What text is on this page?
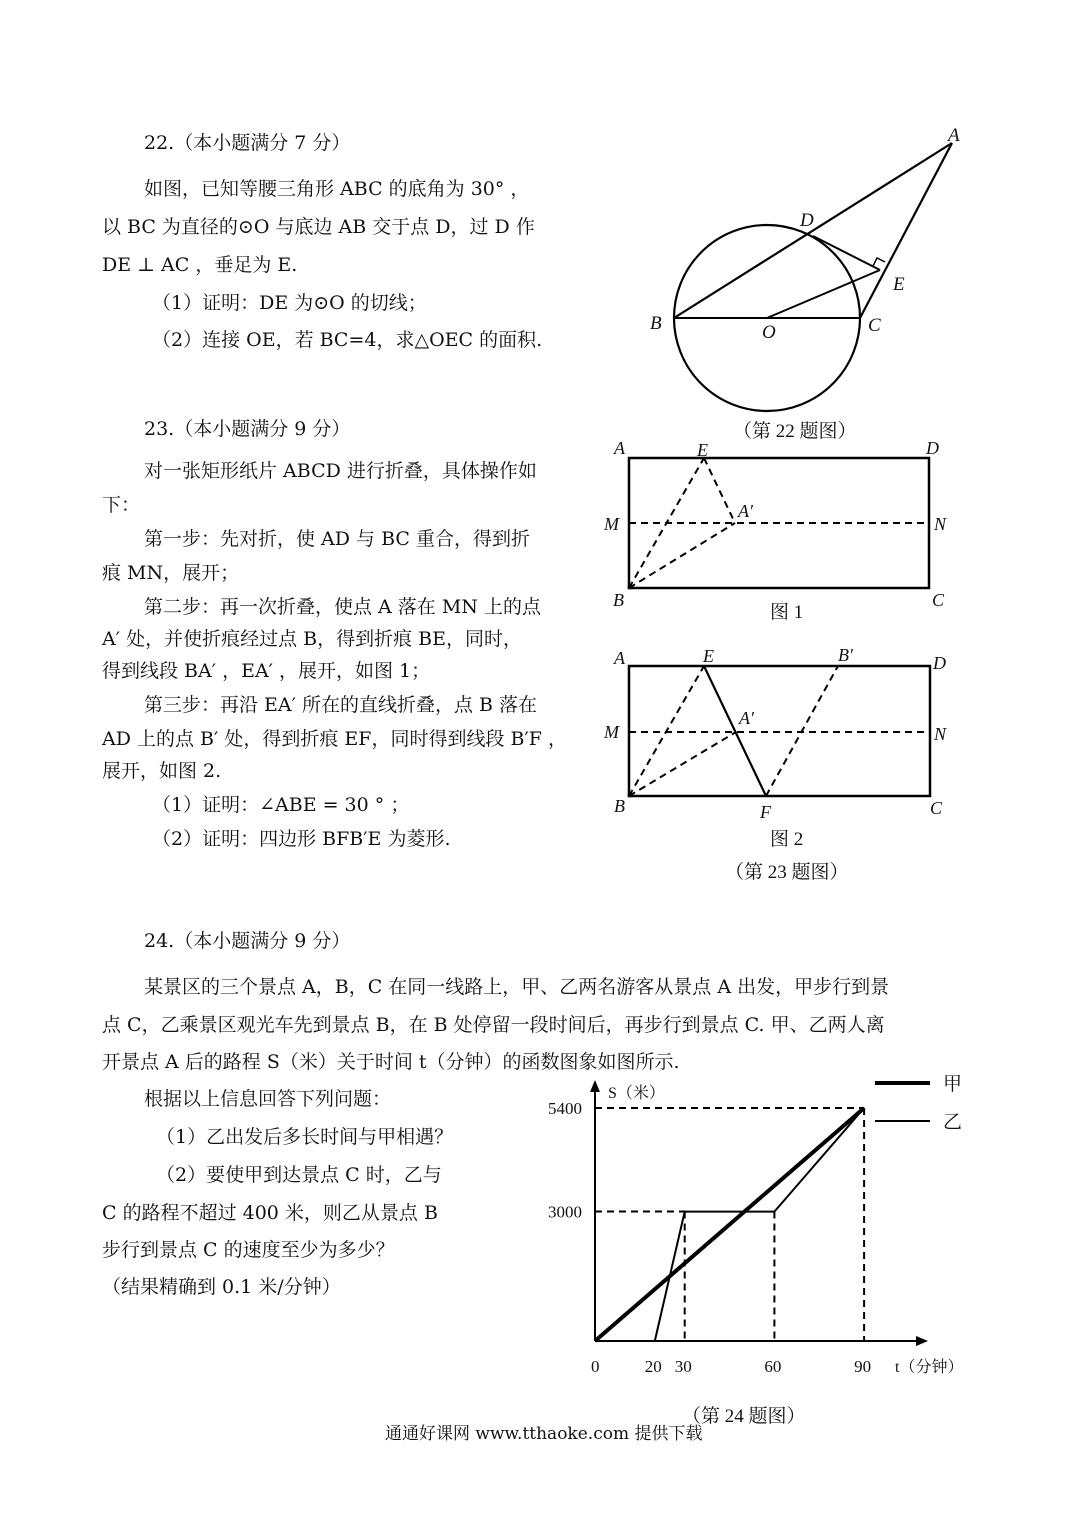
22.（本小题满分 7 分）
如图，已知等腰三角形 ABC 的底角为 30° ，
以 BC 为直径的⊙O 与底边 AB 交于点 D，过 D 作
DE ⊥ AC ，垂足为 E.
（1）证明：DE 为⊙O 的切线；
（2）连接 OE，若 BC=4，求△OEC 的面积.
A
B	C
D
E
O
（第 22 题图）
23.（本小题满分 9 分）
对一张矩形纸片 ABCD 进行折叠，具体操作如
下：
第一步：先对折，使 AD 与 BC 重合，得到折
痕 MN，展开；
第二步：再一次折叠，使点 A 落在 MN 上的点
A′ 处，并使折痕经过点 B，得到折痕 BE，同时，
得到线段 BA′ ，EA′ ，展开，如图 1；
第三步：再沿 EA′ 所在的直线折叠，点 B 落在
AD 上的点 B′ 处，得到折痕 EF，同时得到线段 B′F ，
展开，如图 2.
（1）证明：∠ABE = 30 ° ；
（2）证明：四边形 BFB′E 为菱形.
A	E	D
M
A′
N
B	C
图 1
A	E	B′	D
M
A′
N
B	F	C
图 2
（第 23 题图）
24.（本小题满分 9 分）
某景区的三个景点 A，B，C 在同一线路上，甲、乙两名游客从景点 A 出发，甲步行到景
点 C，乙乘景区观光车先到景点 B，在 B 处停留一段时间后，再步行到景点 C. 甲、乙两人离
开景点 A 后的路程 S（米）关于时间 t（分钟）的函数图象如图所示.
根据以上信息回答下列问题：
（1）乙出发后多长时间与甲相遇？
（2）要使甲到达景点 C 时，乙与
C 的路程不超过 400 米，则乙从景点 B
步行到景点 C 的速度至少为多少？
（结果精确到 0.1 米/分钟）
S（米）
t（分钟）
0	20 30	60	90
3000
5400
甲
乙
（第 24 题图）
通通好课网 www.tthaoke.com 提供下载
